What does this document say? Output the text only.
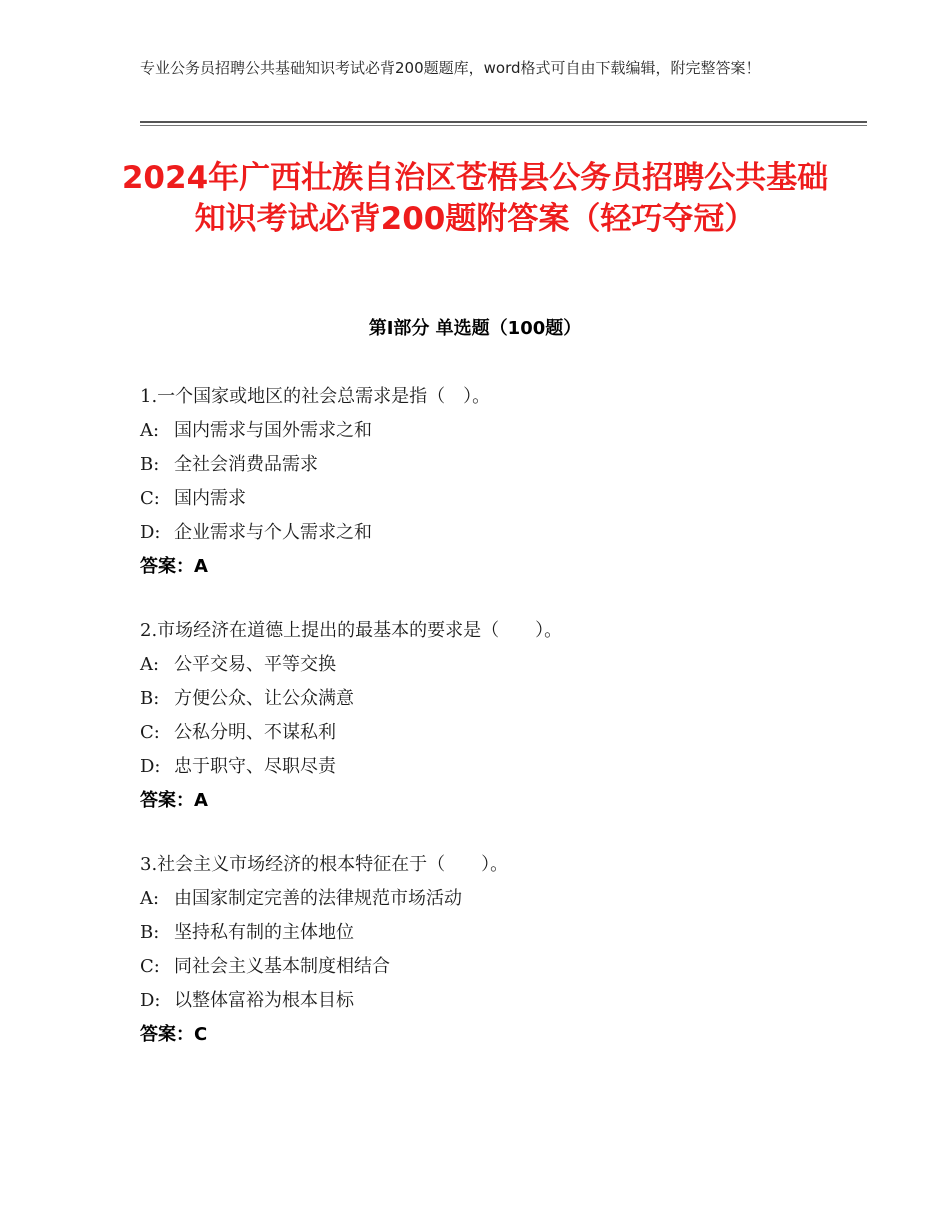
专业公务员招聘公共基础知识考试必背200题题库，word格式可自由下载编辑，附完整答案！
2024年广西壮族自治区苍梧县公务员招聘公共基础知识考试必背200题附答案（轻巧夺冠）
第Ⅰ部分 单选题（100题）
1.一个国家或地区的社会总需求是指（　）。
A: 国内需求与国外需求之和
B: 全社会消费品需求
C: 国内需求
D: 企业需求与个人需求之和
答案：A
2.市场经济在道德上提出的最基本的要求是（　　）。
A: 公平交易、平等交换
B: 方便公众、让公众满意
C: 公私分明、不谋私利
D: 忠于职守、尽职尽责
答案：A
3.社会主义市场经济的根本特征在于（　　）。
A: 由国家制定完善的法律规范市场活动
B: 坚持私有制的主体地位
C: 同社会主义基本制度相结合
D: 以整体富裕为根本目标
答案：C
